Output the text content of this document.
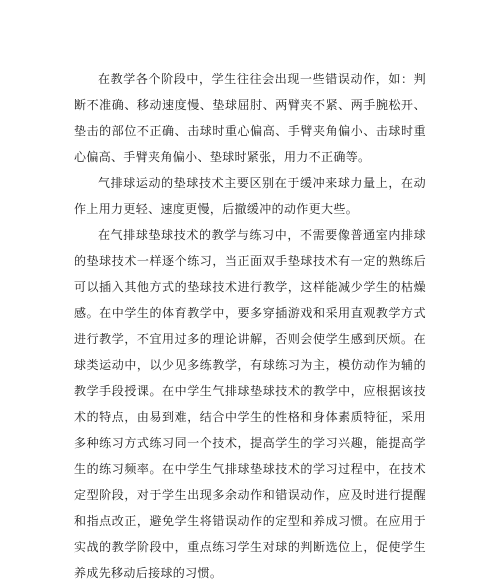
在教学各个阶段中，学生往往会出现一些错误动作，如：判断不准确、移动速度慢、垫球屈肘、两臂夹不紧、两手腕松开、垫击的部位不正确、击球时重心偏高、手臂夹角偏小、击球时重心偏高、手臂夹角偏小、垫球时紧张，用力不正确等。

气排球运动的垫球技术主要区别在于缓冲来球力量上，在动作上用力更轻、速度更慢，后撤缓冲的动作更大些。

在气排球垫球技术的教学与练习中，不需要像普通室内排球的垫球技术一样逐个练习，当正面双手垫球技术有一定的熟练后可以插入其他方式的垫球技术进行教学，这样能减少学生的枯燥感。在中学生的体育教学中，要多穿插游戏和采用直观教学方式进行教学，不宜用过多的理论讲解，否则会使学生感到厌烦。在球类运动中，以少见多练教学，有球练习为主，模仿动作为辅的教学手段授课。在中学生气排球垫球技术的教学中，应根据该技术的特点，由易到难，结合中学生的性格和身体素质特征，采用多种练习方式练习同一个技术，提高学生的学习兴趣，能提高学生的练习频率。在中学生气排球垫球技术的学习过程中，在技术定型阶段，对于学生出现多余动作和错误动作，应及时进行提醒和指点改正，避免学生将错误动作的定型和养成习惯。在应用于实战的教学阶段中，重点练习学生对球的判断选位上，促使学生养成先移动后接球的习惯。
